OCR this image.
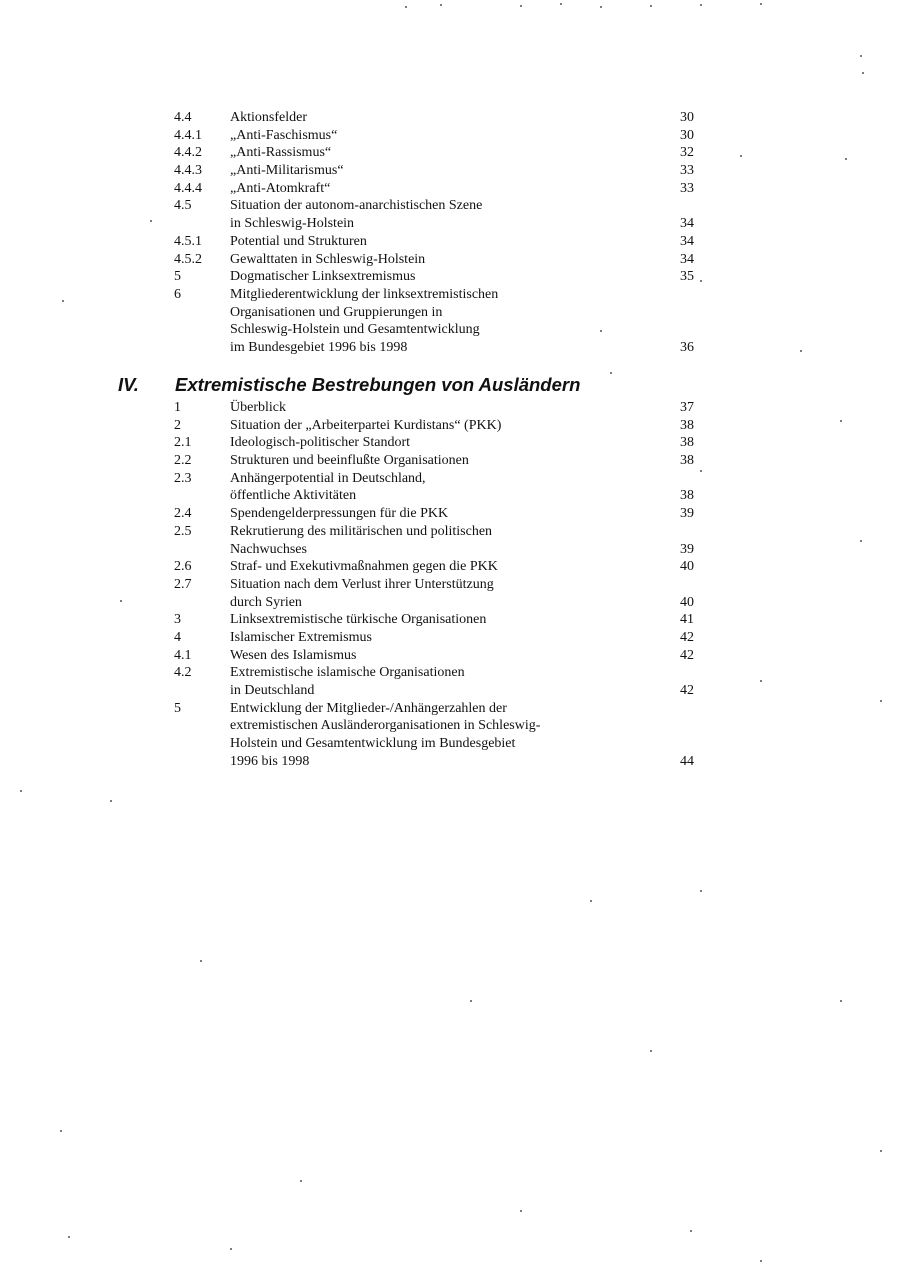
4.4	Aktionsfelder	30
4.4.1 „Anti-Faschismus“	30
4.4.2 „Anti-Rassismus“	32
4.4.3 „Anti-Militarismus“	33
4.4.4 „Anti-Atomkraft“	33
4.5	Situation der autonom-anarchistischen Szene
in Schleswig-Holstein	34
4.5.1 Potential und Strukturen	34
4.5.2 Gewalttaten in Schleswig-Holstein	34
5	Dogmatischer Linksextremismus	35
6	Mitgliederentwicklung der linksextremistischen
Organisationen und Gruppierungen in
Schleswig-Holstein und Gesamtentwicklung
im Bundesgebiet 1996 bis 1998	36
IV. Extremistische Bestrebungen von Ausländern
1	Überblick	37
2	Situation der „Arbeiterpartei Kurdistans“ (PKK)	38
2.1	Ideologisch-politischer Standort	38
2.2	Strukturen und beeinflußte Organisationen	38
2.3	Anhängerpotential in Deutschland,
öffentliche Aktivitäten	38
2.4	Spendengelderpressungen für die PKK	39
2.5	Rekrutierung des militärischen und politischen
Nachwuchses	39
2.6	Straf- und Exekutivmaßnahmen gegen die PKK	40
2.7	Situation nach dem Verlust ihrer Unterstützung
durch Syrien	40
3	Linksextremistische türkische Organisationen	41
4	Islamischer Extremismus	42
4.1	Wesen des Islamismus	42
4.2	Extremistische islamische Organisationen
in Deutschland	42
5	Entwicklung der Mitglieder-/Anhängerzahlen der
extremistischen Ausländerorganisationen in Schleswig-
Holstein und Gesamtentwicklung im Bundesgebiet
1996 bis 1998	44
